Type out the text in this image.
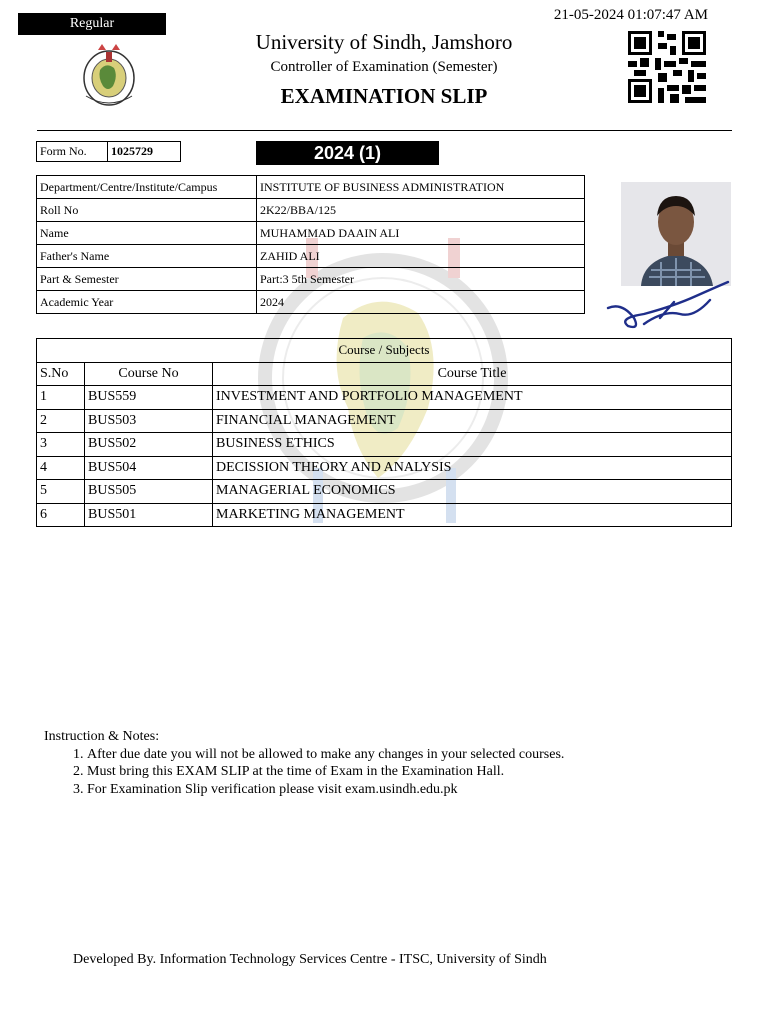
Regular
21-05-2024 01:07:47 AM
University of Sindh, Jamshoro
Controller of Examination (Semester)
EXAMINATION SLIP
Form No.	1025729	2024 (1)
Department/Centre/Institute/Campus	INSTITUTE OF BUSINESS ADMINISTRATION
Roll No	2K22/BBA/125
Name	MUHAMMAD DAAIN ALI
Father's Name	ZAHID ALI
Part & Semester	Part:3 5th Semester
Academic Year	2024
Course / Subjects		
S.No	Course No	Course Title
1	BUS559	INVESTMENT AND PORTFOLIO MANAGEMENT
2	BUS503	FINANCIAL MANAGEMENT
3	BUS502	BUSINESS ETHICS
4	BUS504	DECISSION THEORY AND ANALYSIS
5	BUS505	MANAGERIAL ECONOMICS
6	BUS501	MARKETING MANAGEMENT
Instruction & Notes:
1. After due date you will not be allowed to make any changes in your selected courses.
2. Must bring this EXAM SLIP at the time of Exam in the Examination Hall.
3. For Examination Slip verification please visit exam.usindh.edu.pk
Developed By. Information Technology Services Centre - ITSC, University of Sindh
